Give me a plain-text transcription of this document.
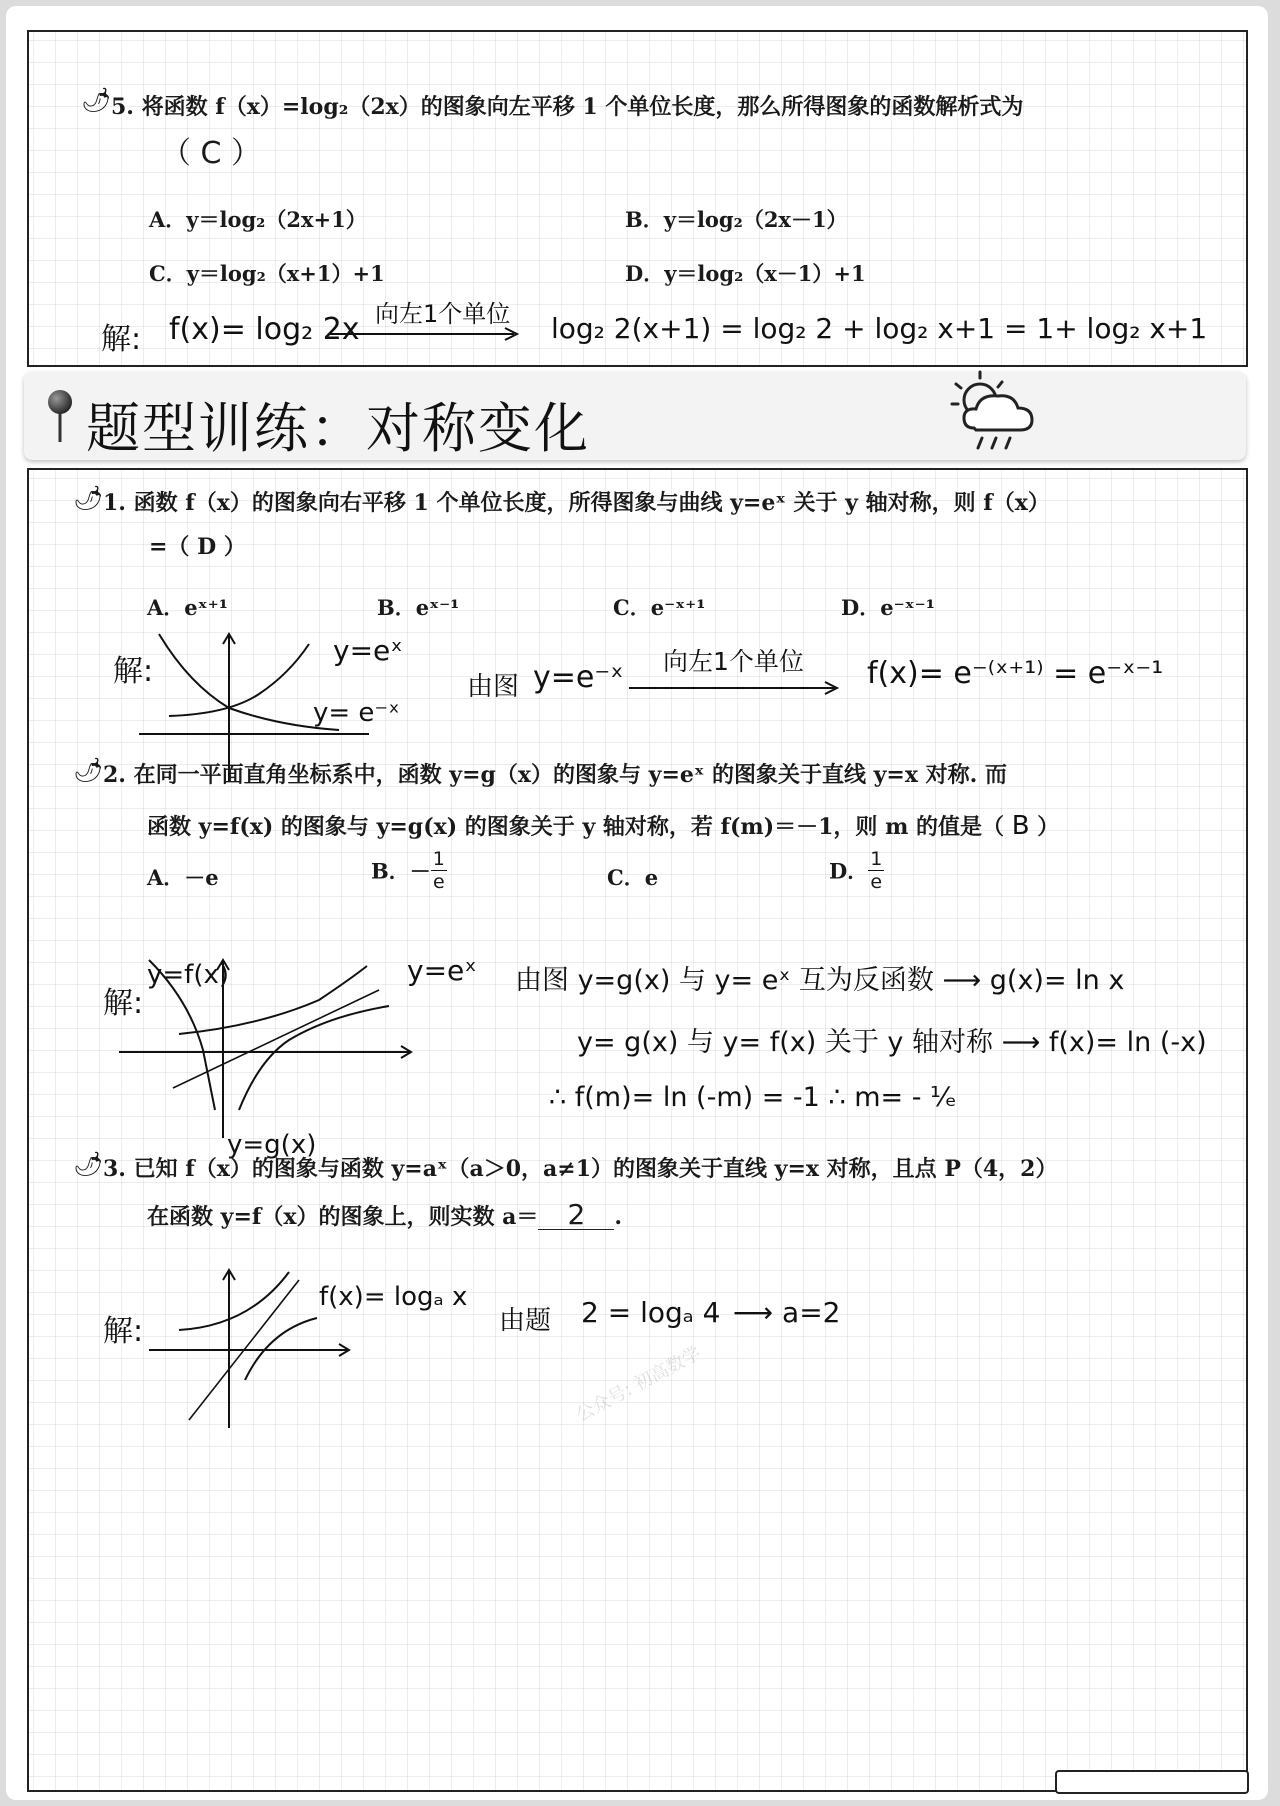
🌶 5. 将函数 f（x）=log₂（2x）的图象向左平移 1 个单位长度，那么所得图象的函数解析式为
（ C ）
A．y＝log₂（2x+1）	B．y＝log₂（2x－1）
C．y＝log₂（x+1）+1	D．y＝log₂（x－1）+1
解: f(x)= log₂ 2x 向左1个单位 log₂ 2(x+1) = log₂ 2 + log₂ x+1 = 1+ log₂ x+1
题型训练：对称变化
🌶 1. 函数 f（x）的图象向右平移 1 个单位长度，所得图象与曲线 y=eˣ 关于 y 轴对称，则 f（x）
=（ D ）
A．eˣ⁺¹	B．eˣ⁻¹	C．e⁻ˣ⁺¹	D．e⁻ˣ⁻¹
解:
y=eˣ
y= e⁻ˣ
由图 y=e⁻ˣ 向左1个单位 f(x)= e⁻⁽ˣ⁺¹⁾ = e⁻ˣ⁻¹
🌶 2. 在同一平面直角坐标系中，函数 y=g（x）的图象与 y=eˣ 的图象关于直线 y=x 对称. 而
函数 y=f(x) 的图象与 y=g(x) 的图象关于 y 轴对称，若 f(m)＝－1，则 m 的值是（ B ）
A．－e	B．－ $\frac{1}{e}$	C．e	D． $\frac{1}{e}$
解:
y=f(x)	y=eˣ
y=g(x)
公众号: 初高数学
由图 y=g(x) 与 y= eˣ 互为反函数 ⟶ g(x)= ln x
y= g(x) 与 y= f(x) 关于 y 轴对称 ⟶ f(x)= ln (-x)
∴ f(m)= ln (-m) = -1 ∴ m= - ¹⁄ₑ
🌶 3. 已知 f（x）的图象与函数 y=aˣ（a＞0，a≠1）的图象关于直线 y=x 对称，且点 P（4，2）
在函数 y=f（x）的图象上，则实数 a＝ 2 .
解:
f(x)= logₐ x
由题 2 = logₐ 4 ⟶ a=2
